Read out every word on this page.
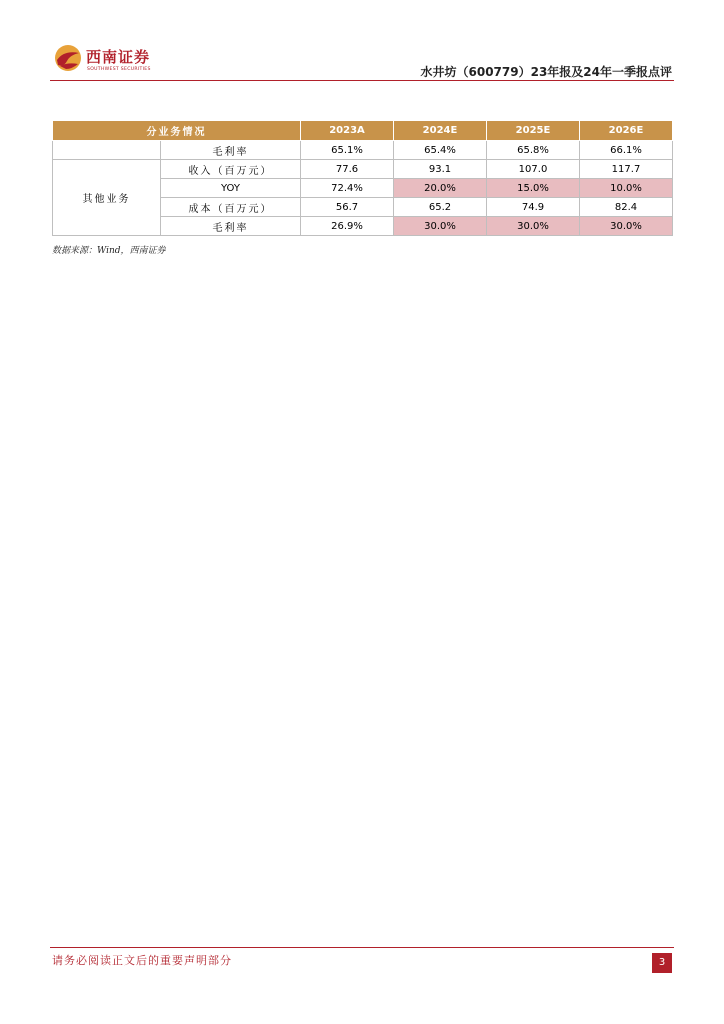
西南证券
SOUTHWEST SECURITIES	水井坊（600779）23年报及24年一季报点评
分业务情况		2023A	2024E	2025E	2026E
	毛利率	65.1%	65.4%	65.8%	66.1%
其他业务	收入（百万元）	77.6	93.1	107.0	117.7
	YOY	72.4%	20.0%	15.0%	10.0%
	成本（百万元）	56.7	65.2	74.9	82.4
	毛利率	26.9%	30.0%	30.0%	30.0%
数据来源：Wind，西南证券
请务必阅读正文后的重要声明部分	3
